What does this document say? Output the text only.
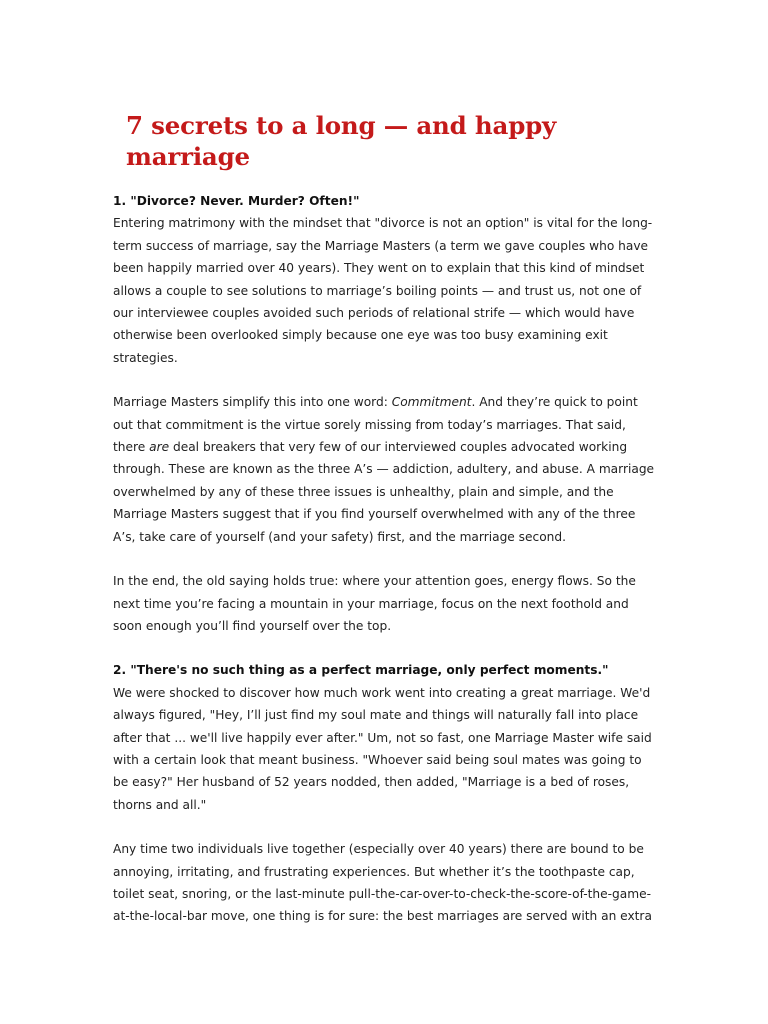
7 secrets to a long — and happy marriage

1. "Divorce? Never. Murder? Often!"

Entering matrimony with the mindset that "divorce is not an option" is vital for the long-term success of marriage, say the Marriage Masters (a term we gave couples who have been happily married over 40 years). They went on to explain that this kind of mindset allows a couple to see solutions to marriage’s boiling points — and trust us, not one of our interviewee couples avoided such periods of relational strife — which would have otherwise been overlooked simply because one eye was too busy examining exit strategies.

Marriage Masters simplify this into one word: Commitment. And they’re quick to point out that commitment is the virtue sorely missing from today’s marriages. That said, there are deal breakers that very few of our interviewed couples advocated working through. These are known as the three A’s — addiction, adultery, and abuse. A marriage overwhelmed by any of these three issues is unhealthy, plain and simple, and the Marriage Masters suggest that if you find yourself overwhelmed with any of the three A’s, take care of yourself (and your safety) first, and the marriage second.

In the end, the old saying holds true: where your attention goes, energy flows. So the next time you’re facing a mountain in your marriage, focus on the next foothold and soon enough you’ll find yourself over the top.

2. "There's no such thing as a perfect marriage, only perfect moments."

We were shocked to discover how much work went into creating a great marriage. We'd always figured, "Hey, I’ll just find my soul mate and things will naturally fall into place after that ... we'll live happily ever after." Um, not so fast, one Marriage Master wife said with a certain look that meant business. "Whoever said being soul mates was going to be easy?" Her husband of 52 years nodded, then added, "Marriage is a bed of roses, thorns and all."

Any time two individuals live together (especially over 40 years) there are bound to be annoying, irritating, and frustrating experiences. But whether it’s the toothpaste cap, toilet seat, snoring, or the last-minute pull-the-car-over-to-check-the-score-of-the-game-at-the-local-bar move, one thing is for sure: the best marriages are served with an extra
